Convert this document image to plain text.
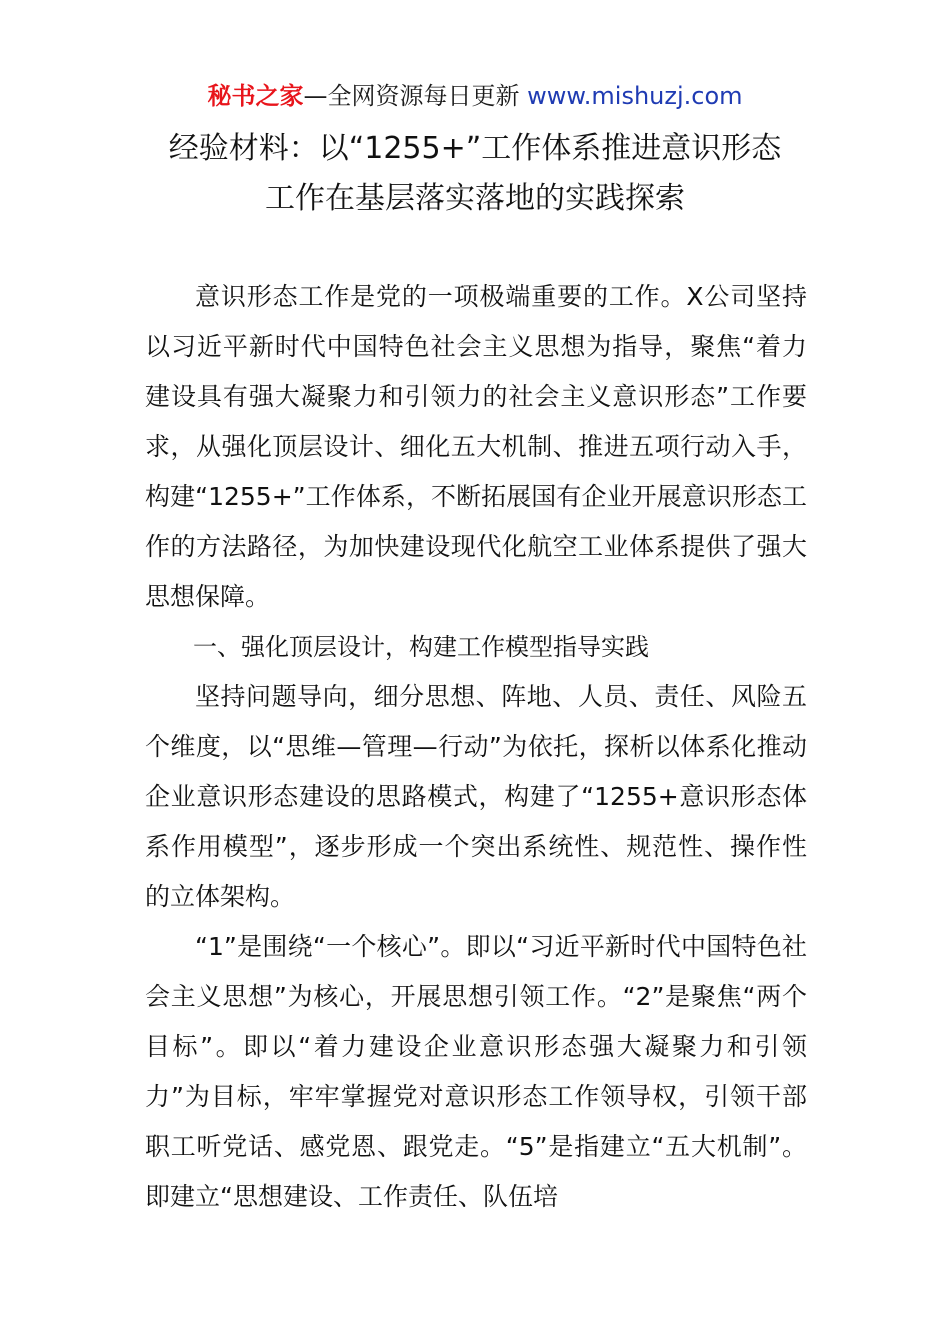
秘书之家—全网资源每日更新 www.mishuzj.com
经验材料：以“1255+”工作体系推进意识形态
工作在基层落实落地的实践探索

意识形态工作是党的一项极端重要的工作。X公司坚持以习近平新时代中国特色社会主义思想为指导，聚焦“着力建设具有强大凝聚力和引领力的社会主义意识形态”工作要求，从强化顶层设计、细化五大机制、推进五项行动入手，构建“1255+”工作体系，不断拓展国有企业开展意识形态工作的方法路径，为加快建设现代化航空工业体系提供了强大思想保障。

一、强化顶层设计，构建工作模型指导实践

坚持问题导向，细分思想、阵地、人员、责任、风险五个维度，以“思维—管理—行动”为依托，探析以体系化推动企业意识形态建设的思路模式，构建了“1255+意识形态体系作用模型”，逐步形成一个突出系统性、规范性、操作性的立体架构。

“1”是围绕“一个核心”。即以“习近平新时代中国特色社会主义思想”为核心，开展思想引领工作。“2”是聚焦“两个目标”。即以“着力建设企业意识形态强大凝聚力和引领力”为目标，牢牢掌握党对意识形态工作领导权，引领干部职工听党话、感党恩、跟党走。“5”是指建立“五大机制”。即建立“思想建设、工作责任、队伍培
